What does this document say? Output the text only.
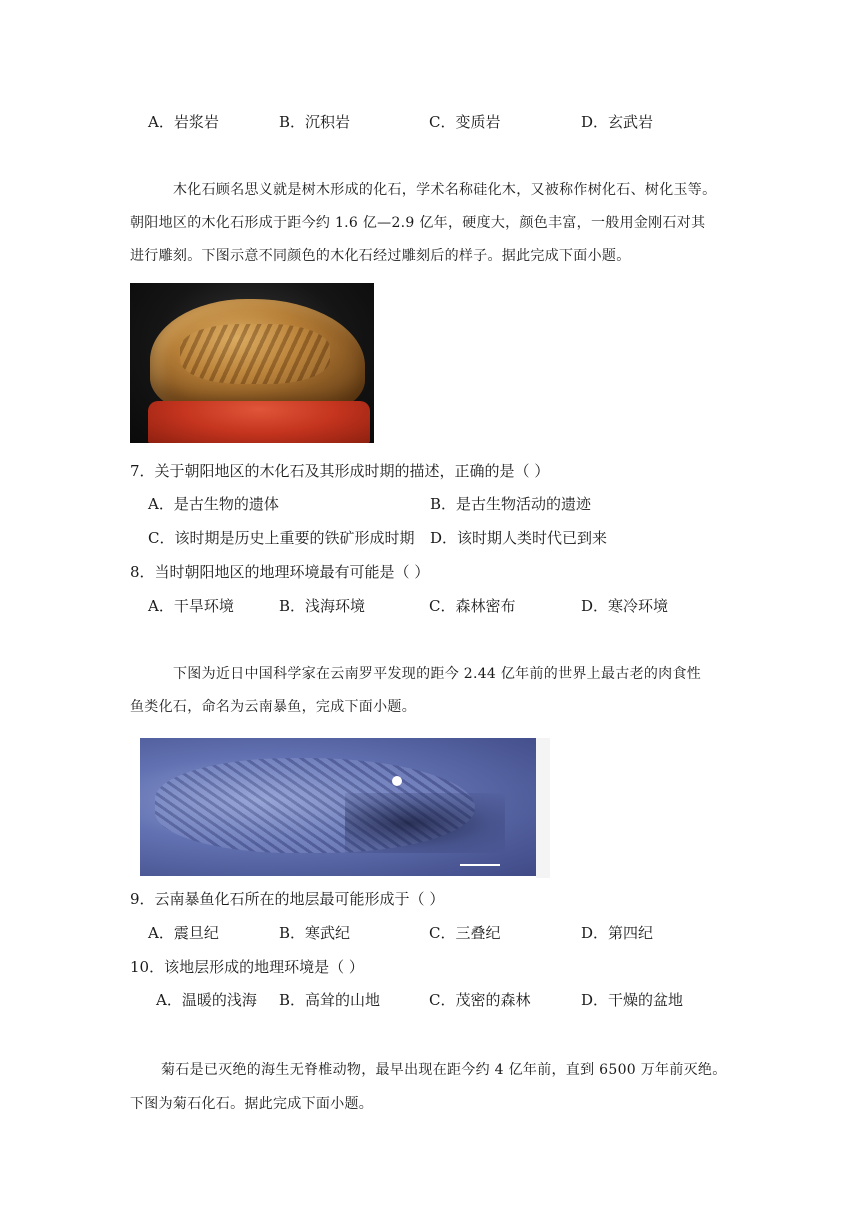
A．岩浆岩	B．沉积岩	C．变质岩	D．玄武岩
木化石顾名思义就是树木形成的化石，学术名称硅化木，又被称作树化石、树化玉等。
朝阳地区的木化石形成于距今约 1.6 亿—2.9 亿年，硬度大，颜色丰富，一般用金刚石对其
进行雕刻。下图示意不同颜色的木化石经过雕刻后的样子。据此完成下面小题。
7．关于朝阳地区的木化石及其形成时期的描述，正确的是（ ）
A．是古生物的遗体	B．是古生物活动的遗迹
C．该时期是历史上重要的铁矿形成时期 D．该时期人类时代已到来
8．当时朝阳地区的地理环境最有可能是（ ）
A．干旱环境	B．浅海环境	C．森林密布	D．寒冷环境
下图为近日中国科学家在云南罗平发现的距今 2.44 亿年前的世界上最古老的肉食性
鱼类化石，命名为云南暴鱼，完成下面小题。
9．云南暴鱼化石所在的地层最可能形成于（ ）
A．震旦纪	B．寒武纪	C．三叠纪	D．第四纪
10．该地层形成的地理环境是（ ）
A．温暖的浅海 B．高耸的山地	C．茂密的森林	D．干燥的盆地
菊石是已灭绝的海生无脊椎动物，最早出现在距今约 4 亿年前，直到 6500 万年前灭绝。
下图为菊石化石。据此完成下面小题。
